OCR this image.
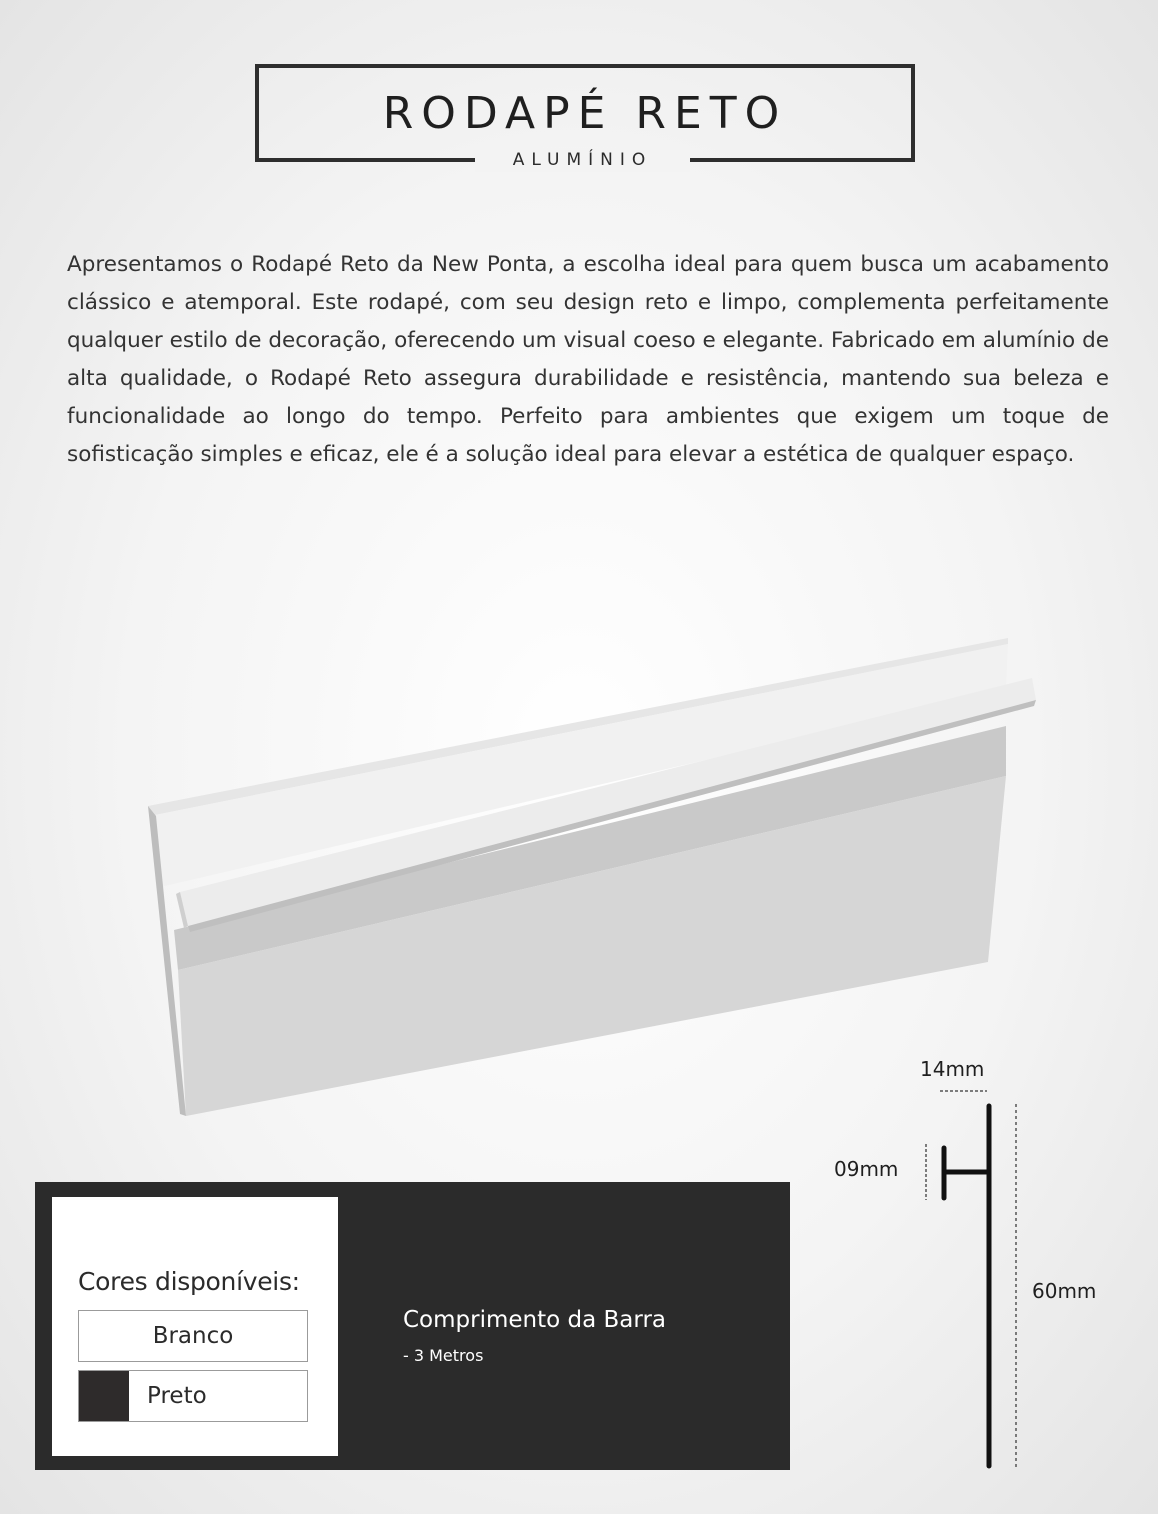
RODAPÉ RETO
ALUMÍNIO

Apresentamos o Rodapé Reto da New Ponta, a escolha ideal para quem busca um acabamento clássico e atemporal. Este rodapé, com seu design reto e limpo, complementa perfeitamente qualquer estilo de decoração, oferecendo um visual coeso e elegante. Fabricado em alumínio de alta qualidade, o Rodapé Reto assegura durabilidade e resistência, mantendo sua beleza e funcionalidade ao longo do tempo. Perfeito para ambientes que exigem um toque de sofisticação simples e eficaz, ele é a solução ideal para elevar a estética de qualquer espaço.

Cores disponíveis:
Branco
Preto
Comprimento da Barra
- 3 Metros
14mm
09mm
60mm
